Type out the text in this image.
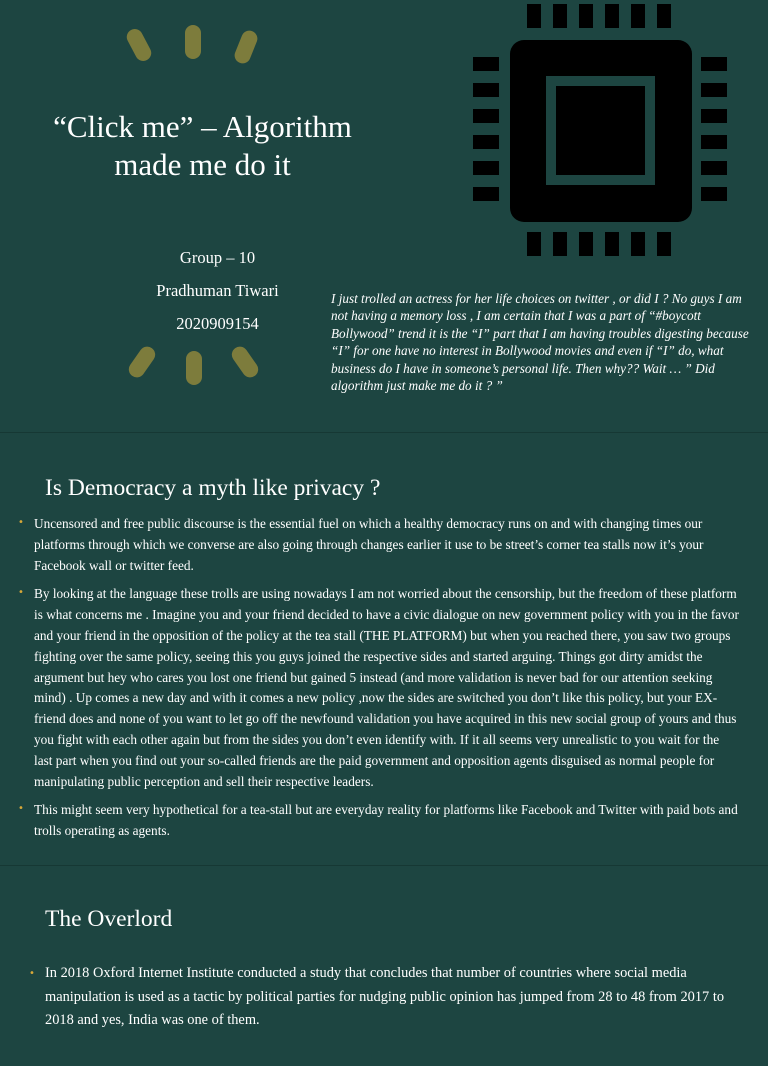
“Click me” – Algorithm made me do it
Group – 10
Pradhuman Tiwari
2020909154

I just trolled an actress for her life choices on twitter , or did I ? No guys I am not having a memory loss , I am certain that I was a part of “#boycott Bollywood” trend it is the “I” part that I am having troubles digesting because “I” for one have no interest in Bollywood movies and even if “I” do, what business do I have in someone’s personal life. Then why?? Wait … ” Did algorithm just make me do it ? ”

Is Democracy a myth like privacy ?
• Uncensored and free public discourse is the essential fuel on which a healthy democracy runs on and with changing times our platforms through which we converse are also going through changes earlier it use to be street’s corner tea stalls now it’s your Facebook wall or twitter feed.
• By looking at the language these trolls are using nowadays I am not worried about the censorship, but the freedom of these platform is what concerns me . Imagine you and your friend decided to have a civic dialogue on new government policy with you in the favor and your friend in the opposition of the policy at the tea stall (THE PLATFORM) but when you reached there, you saw two groups fighting over the same policy, seeing this you guys joined the respective sides and started arguing. Things got dirty amidst the argument but hey who cares you lost one friend but gained 5 instead (and more validation is never bad for our attention seeking mind) . Up comes a new day and with it comes a new policy ,now the sides are switched you don’t like this policy, but your EX-friend does and none of you want to let go off the newfound validation you have acquired in this new social group of yours and thus you fight with each other again but from the sides you don’t even identify with. If it all seems very unrealistic to you wait for the last part when you find out your so-called friends are the paid government and opposition agents disguised as normal people for manipulating public perception and sell their respective leaders.
• This might seem very hypothetical for a tea-stall but are everyday reality for platforms like Facebook and Twitter with paid bots and trolls operating as agents.
The Overlord
• In 2018 Oxford Internet Institute conducted a study that concludes that number of countries where social media manipulation is used as a tactic by political parties for nudging public opinion has jumped from 28 to 48 from 2017 to 2018 and yes, India was one of them.
